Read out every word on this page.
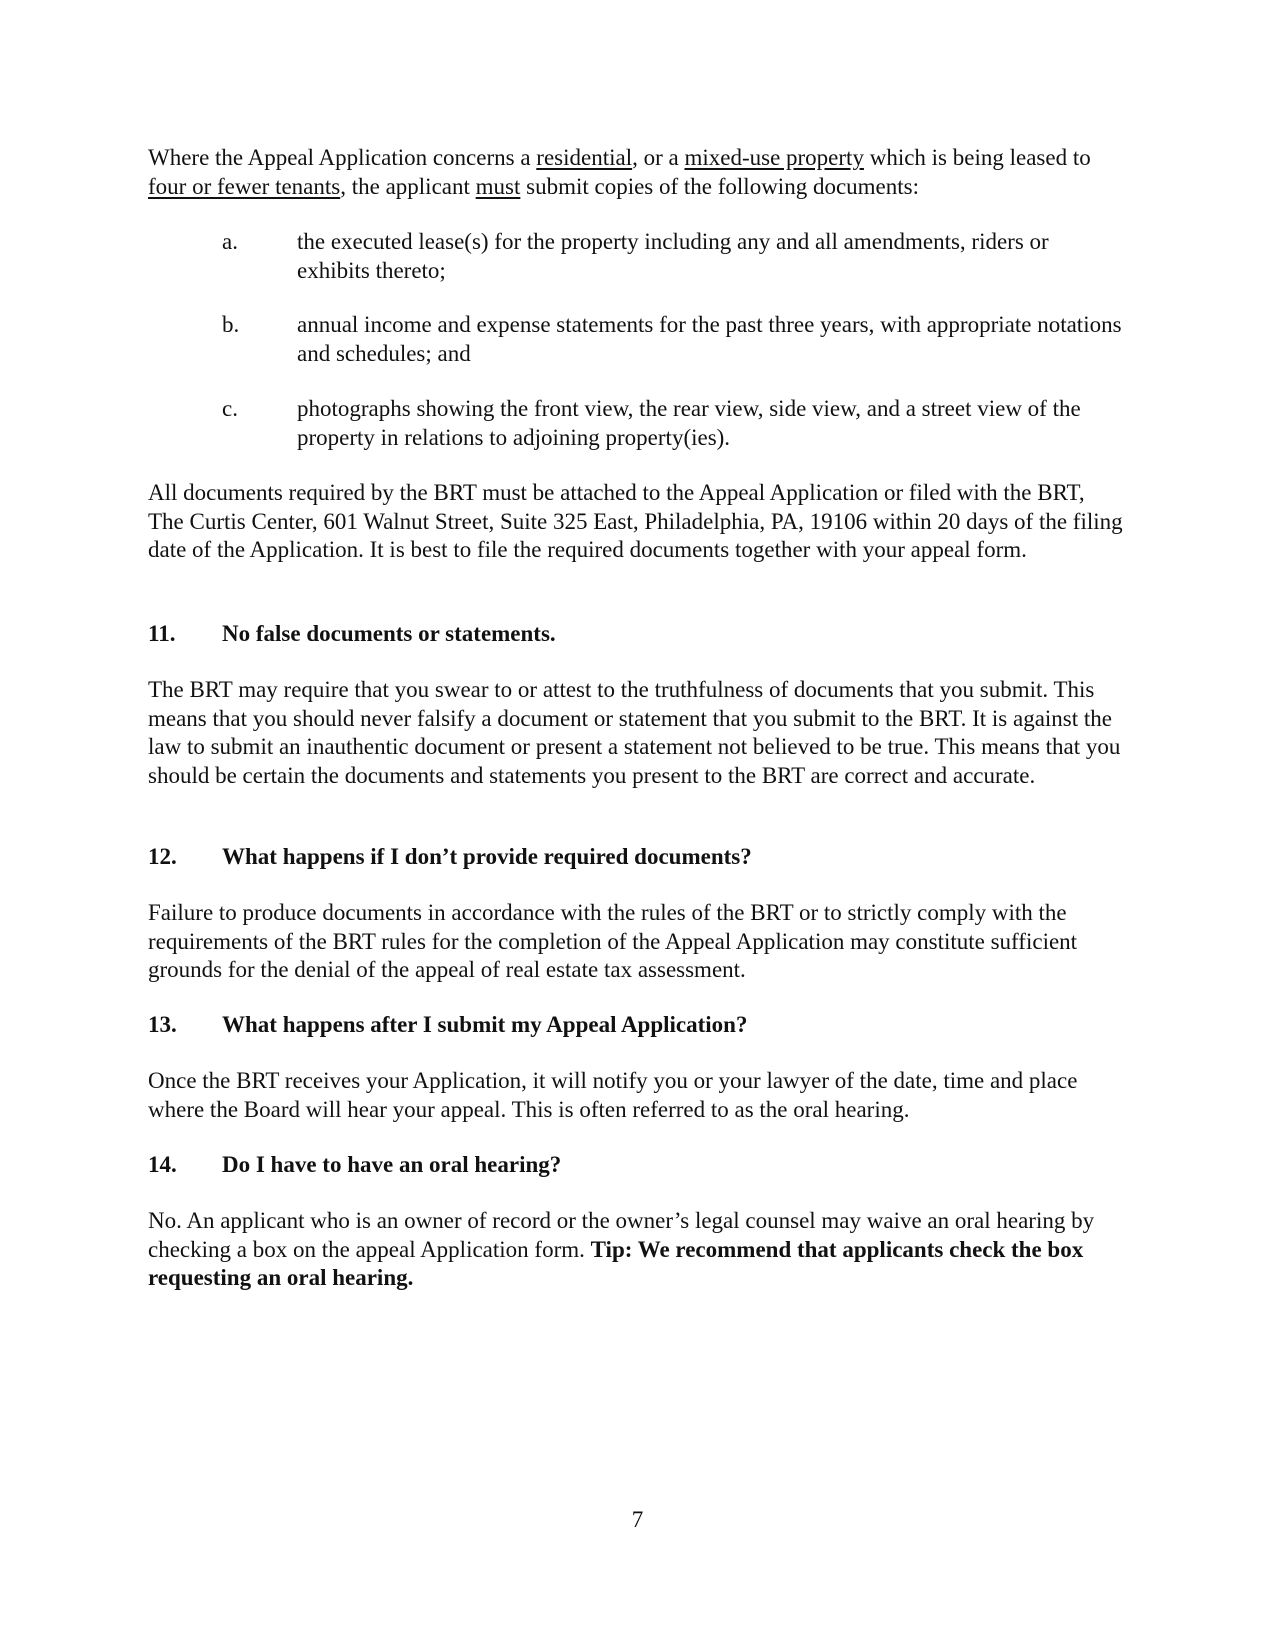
Where the Appeal Application concerns a residential, or a mixed-use property which is being leased to four or fewer tenants, the applicant must submit copies of the following documents:

a.	the executed lease(s) for the property including any and all amendments, riders or exhibits thereto;

b.	annual income and expense statements for the past three years, with appropriate notations and schedules; and

c.	photographs showing the front view, the rear view, side view, and a street view of the property in relations to adjoining property(ies).

All documents required by the BRT must be attached to the Appeal Application or filed with the BRT, The Curtis Center, 601 Walnut Street, Suite 325 East, Philadelphia, PA, 19106 within 20 days of the filing date of the Application. It is best to file the required documents together with your appeal form.

11. No false documents or statements.

The BRT may require that you swear to or attest to the truthfulness of documents that you submit. This means that you should never falsify a document or statement that you submit to the BRT. It is against the law to submit an inauthentic document or present a statement not believed to be true. This means that you should be certain the documents and statements you present to the BRT are correct and accurate.

12. What happens if I don’t provide required documents?

Failure to produce documents in accordance with the rules of the BRT or to strictly comply with the requirements of the BRT rules for the completion of the Appeal Application may constitute sufficient grounds for the denial of the appeal of real estate tax assessment.

13. What happens after I submit my Appeal Application?

Once the BRT receives your Application, it will notify you or your lawyer of the date, time and place where the Board will hear your appeal. This is often referred to as the oral hearing.

14. Do I have to have an oral hearing?

No. An applicant who is an owner of record or the owner’s legal counsel may waive an oral hearing by checking a box on the appeal Application form. Tip: We recommend that applicants check the box requesting an oral hearing.

7
